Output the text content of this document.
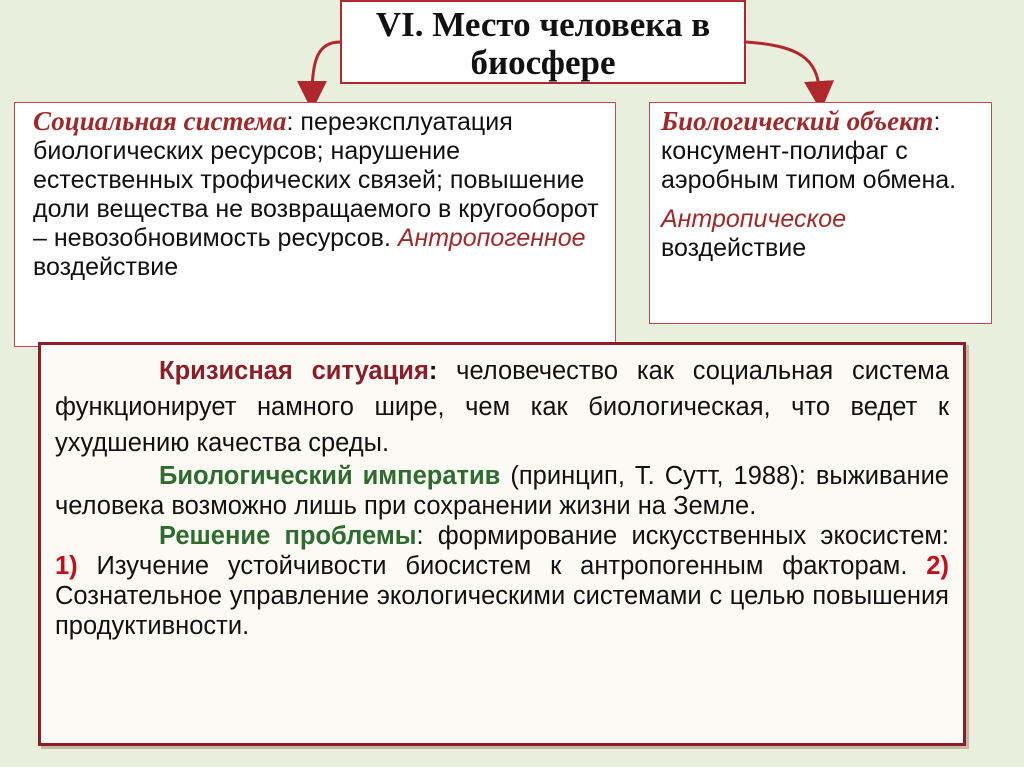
VI. Место человека в биосфере
Социальная система: переэксплуатация биологических ресурсов; нарушение естественных трофических связей; повышение доли вещества не возвращаемого в кругооборот – невозобновимость ресурсов. Антропогенное воздействие
Биологический объект: консумент-полифаг с аэробным типом обмена.
Антропическое
воздействие

Кризисная ситуация: человечество как социальная система функционирует намного шире, чем как биологическая, что ведет к ухудшению качества среды.

Биологический императив (принцип, Т. Сутт, 1988): выживание человека возможно лишь при сохранении жизни на Земле.

Решение проблемы: формирование искусственных экосистем: 1) Изучение устойчивости биосистем к антропогенным факторам. 2) Сознательное управление экологическими системами с целью повышения продуктивности.
